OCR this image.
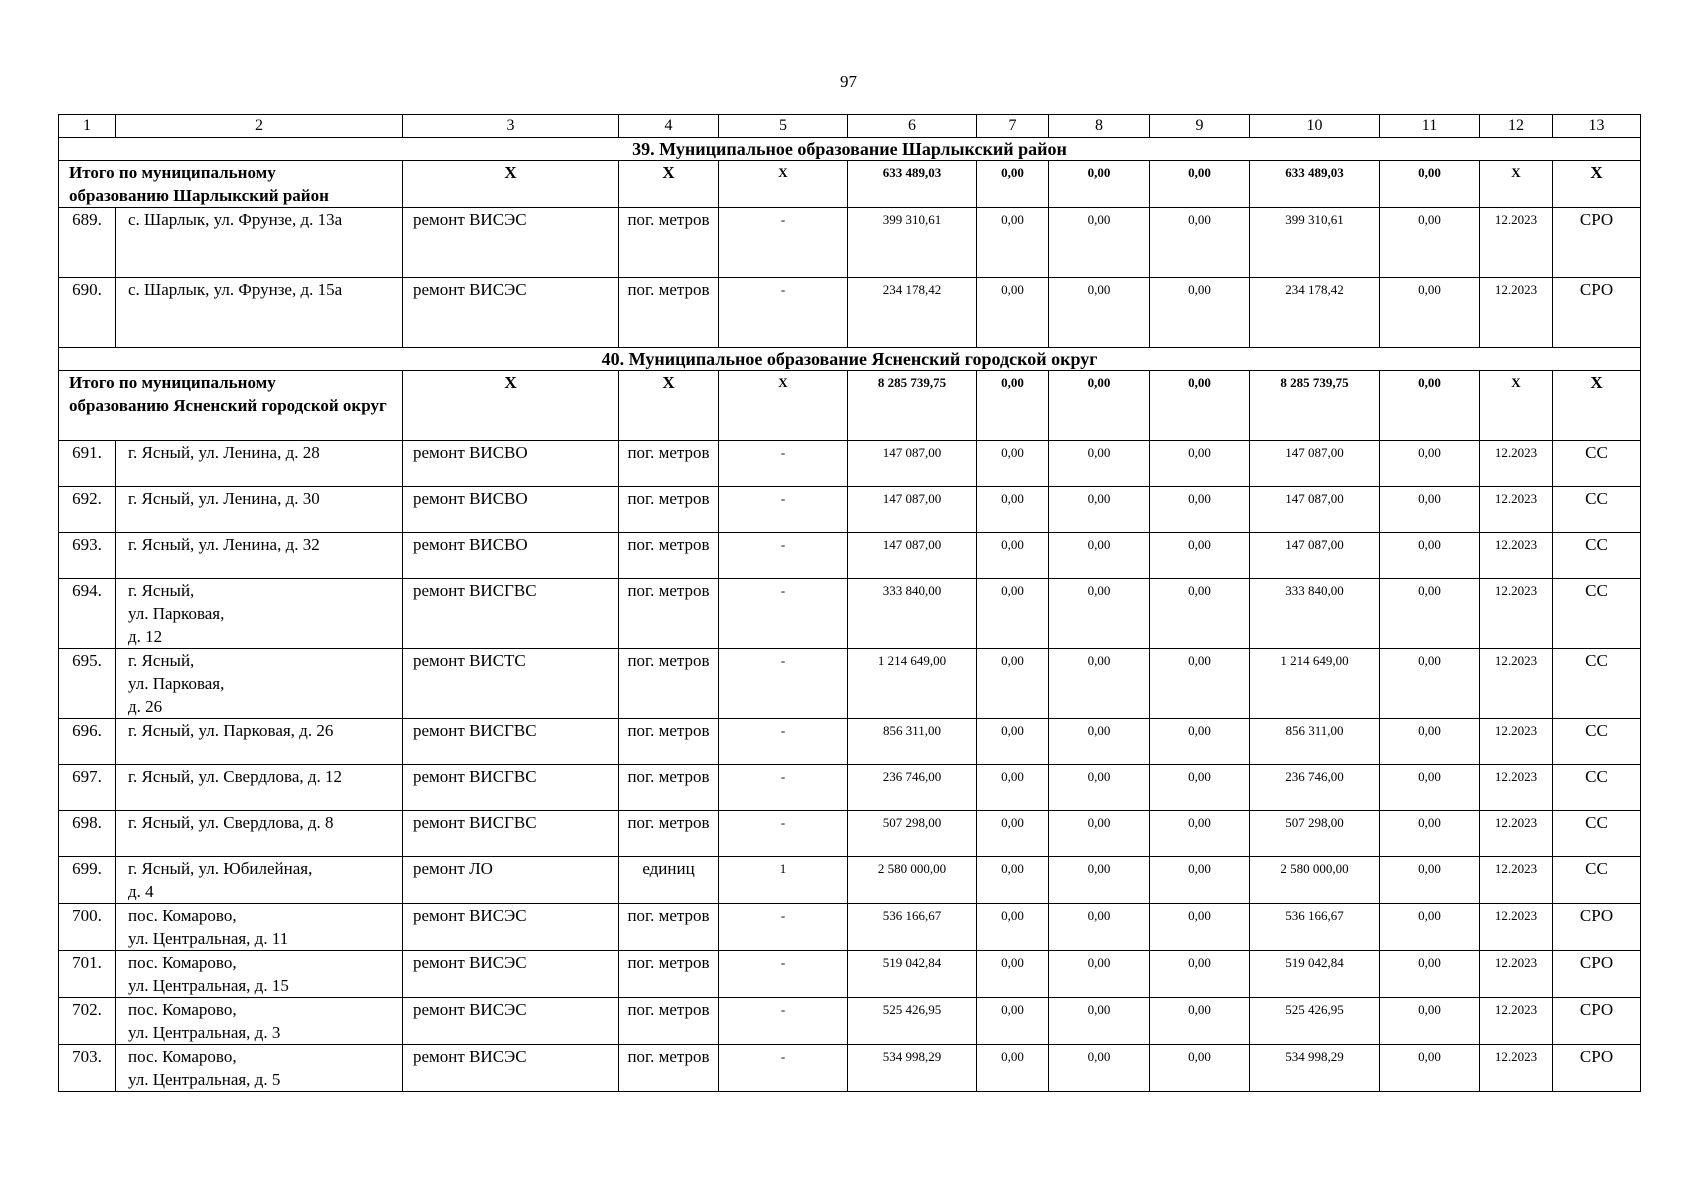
97
1	2	3	4	5	6	7	8	9	10	11	12	13
39. Муниципальное образование Шарлыкский район												
Итого по муниципальному
образованию Шарлыкский район		X	X	X	633 489,03	0,00	0,00	0,00	633 489,03	0,00	X	X
689.	с. Шарлык, ул. Фрунзе, д. 13а	ремонт ВИСЭС	пог. метров	-	399 310,61	0,00	0,00	0,00	399 310,61	0,00	12.2023	СРО
690.	с. Шарлык, ул. Фрунзе, д. 15а	ремонт ВИСЭС	пог. метров	-	234 178,42	0,00	0,00	0,00	234 178,42	0,00	12.2023	СРО
40. Муниципальное образование Ясненский городской округ												
Итого по муниципальному
образованию Ясненский городской округ		X	X	X	8 285 739,75	0,00	0,00	0,00	8 285 739,75	0,00	X	X
691.	г. Ясный, ул. Ленина, д. 28	ремонт ВИСВО	пог. метров	-	147 087,00	0,00	0,00	0,00	147 087,00	0,00	12.2023	СС
692.	г. Ясный, ул. Ленина, д. 30	ремонт ВИСВО	пог. метров	-	147 087,00	0,00	0,00	0,00	147 087,00	0,00	12.2023	СС
693.	г. Ясный, ул. Ленина, д. 32	ремонт ВИСВО	пог. метров	-	147 087,00	0,00	0,00	0,00	147 087,00	0,00	12.2023	СС
694.	г. Ясный,
ул. Парковая,
д. 12	ремонт ВИСГВС	пог. метров	-	333 840,00	0,00	0,00	0,00	333 840,00	0,00	12.2023	СС
695.	г. Ясный,
ул. Парковая,
д. 26	ремонт ВИСТС	пог. метров	-	1 214 649,00	0,00	0,00	0,00	1 214 649,00	0,00	12.2023	СС
696.	г. Ясный, ул. Парковая, д. 26	ремонт ВИСГВС	пог. метров	-	856 311,00	0,00	0,00	0,00	856 311,00	0,00	12.2023	СС
697.	г. Ясный, ул. Свердлова, д. 12	ремонт ВИСГВС	пог. метров	-	236 746,00	0,00	0,00	0,00	236 746,00	0,00	12.2023	СС
698.	г. Ясный, ул. Свердлова, д. 8	ремонт ВИСГВС	пог. метров	-	507 298,00	0,00	0,00	0,00	507 298,00	0,00	12.2023	СС
699.	г. Ясный, ул. Юбилейная,
д. 4	ремонт ЛО	единиц	1	2 580 000,00	0,00	0,00	0,00	2 580 000,00	0,00	12.2023	СС
700.	пос. Комарово,
ул. Центральная, д. 11	ремонт ВИСЭС	пог. метров	-	536 166,67	0,00	0,00	0,00	536 166,67	0,00	12.2023	СРО
701.	пос. Комарово,
ул. Центральная, д. 15	ремонт ВИСЭС	пог. метров	-	519 042,84	0,00	0,00	0,00	519 042,84	0,00	12.2023	СРО
702.	пос. Комарово,
ул. Центральная, д. 3	ремонт ВИСЭС	пог. метров	-	525 426,95	0,00	0,00	0,00	525 426,95	0,00	12.2023	СРО
703.	пос. Комарово,
ул. Центральная, д. 5	ремонт ВИСЭС	пог. метров	-	534 998,29	0,00	0,00	0,00	534 998,29	0,00	12.2023	СРО
